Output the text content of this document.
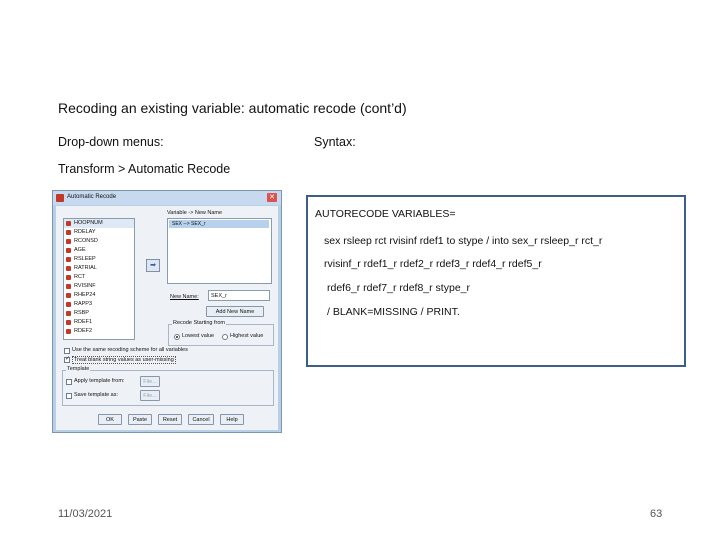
Recoding an existing variable: automatic recode (cont’d)
Drop-down menus:	Syntax:
Transform > Automatic Recode
Automatic Recode	✕
HOOPNUM
RDELAY
RCONSD
AGE
RSLEEP
RATRIAL
RCT
RVISINF
RHEP24
RAPP3
RSBP
RDEF1
RDEF2
➡
Variable -> New Name
SEX --> SEX_r
New Name:	SEX_r
Add New Name
Recode Starting from
Lowest value	Highest value
Use the same recoding scheme for all variables
✓
Treat blank string values as user-missing
Template
Apply template from:	File...
Save template as:	File...
OK	Paste	Reset	Cancel	Help
AUTORECODE VARIABLES=
sex rsleep rct rvisinf rdef1 to stype / into sex_r rsleep_r rct_r
rvisinf_r rdef1_r rdef2_r rdef3_r rdef4_r rdef5_r
rdef6_r rdef7_r rdef8_r stype_r
/ BLANK=MISSING / PRINT.
11/03/2021	63
